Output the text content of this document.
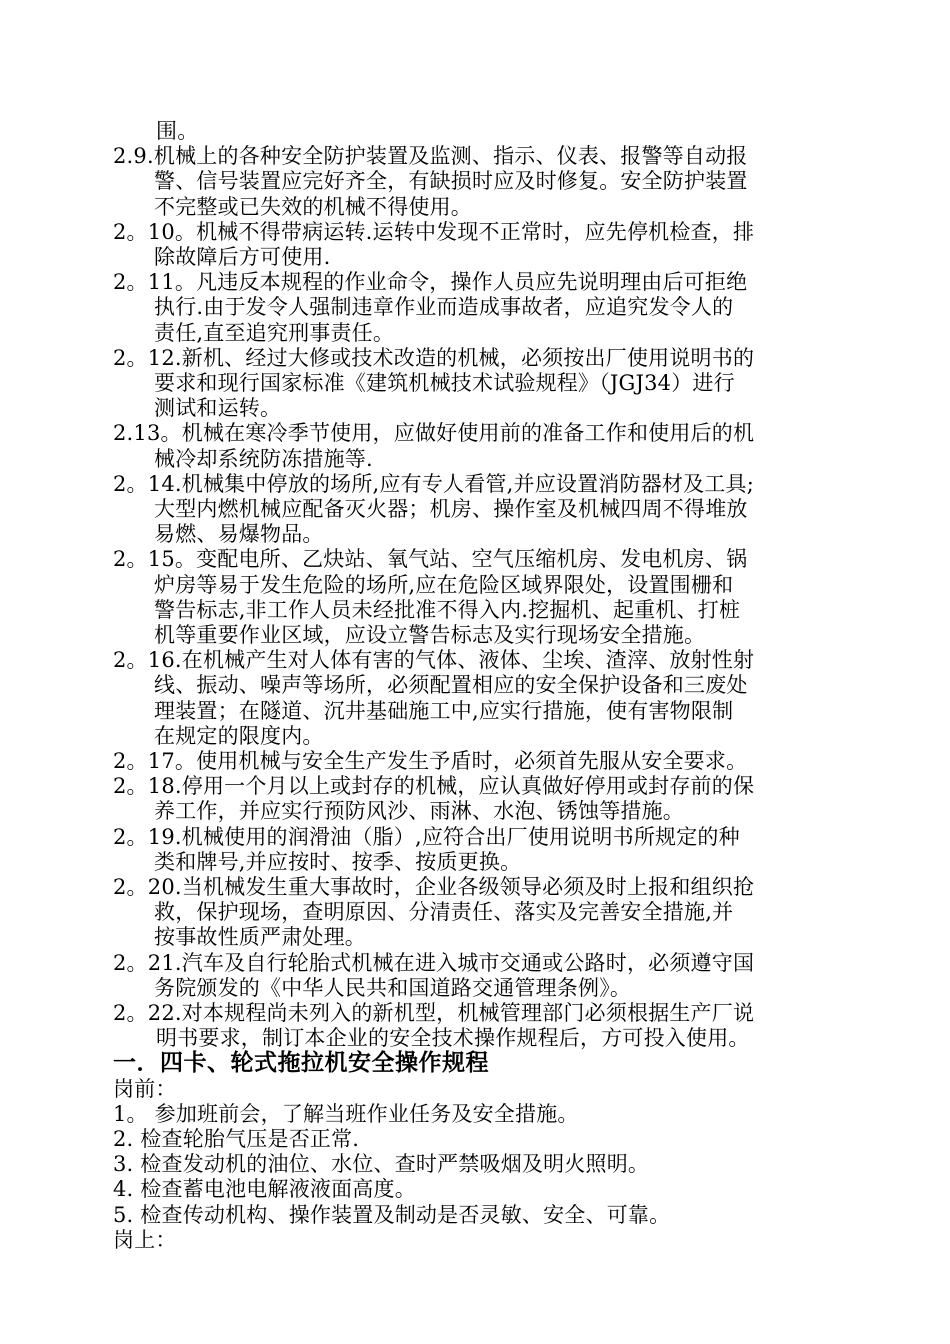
围。
2.9.机械上的各种安全防护装置及监测、指示、仪表、报警等自动报
警、信号装置应完好齐全，有缺损时应及时修复。安全防护装置
不完整或已失效的机械不得使用。
2。10。机械不得带病运转.运转中发现不正常时，应先停机检查，排
除故障后方可使用.
2。11。凡违反本规程的作业命令，操作人员应先说明理由后可拒绝
执行.由于发令人强制违章作业而造成事故者，应追究发令人的
责任,直至追究刑事责任。
2。12.新机、经过大修或技术改造的机械，必须按出厂使用说明书的
要求和现行国家标准《建筑机械技术试验规程》（JGJ34）进行
测试和运转。
2.13。机械在寒冷季节使用，应做好使用前的准备工作和使用后的机
械冷却系统防冻措施等.
2。14.机械集中停放的场所,应有专人看管,并应设置消防器材及工具;
大型内燃机械应配备灭火器；机房、操作室及机械四周不得堆放
易燃、易爆物品。
2。15。变配电所、乙炔站、氧气站、空气压缩机房、发电机房、锅
炉房等易于发生危险的场所,应在危险区域界限处，设置围栅和
警告标志,非工作人员未经批准不得入内.挖掘机、起重机、打桩
机等重要作业区域，应设立警告标志及实行现场安全措施。
2。16.在机械产生对人体有害的气体、液体、尘埃、渣滓、放射性射
线、振动、噪声等场所，必须配置相应的安全保护设备和三废处
理装置；在隧道、沉井基础施工中,应实行措施，使有害物限制
在规定的限度内。
2。17。使用机械与安全生产发生予盾时，必须首先服从安全要求。
2。18.停用一个月以上或封存的机械，应认真做好停用或封存前的保
养工作，并应实行预防风沙、雨淋、水泡、锈蚀等措施。
2。19.机械使用的润滑油（脂）,应符合出厂使用说明书所规定的种
类和牌号,并应按时、按季、按质更换。
2。20.当机械发生重大事故时，企业各级领导必须及时上报和组织抢
救，保护现场，查明原因、分清责任、落实及完善安全措施,并
按事故性质严肃处理。
2。21.汽车及自行轮胎式机械在进入城市交通或公路时，必须遵守国
务院颁发的《中华人民共和国道路交通管理条例》。
2。22.对本规程尚未列入的新机型，机械管理部门必须根据生产厂说
明书要求，制订本企业的安全技术操作规程后，方可投入使用。
一．四卡、轮式拖拉机安全操作规程
岗前：
1。 参加班前会，了解当班作业任务及安全措施。
2. 检查轮胎气压是否正常.
3. 检查发动机的油位、水位、查时严禁吸烟及明火照明。
4. 检查蓄电池电解液液面高度。
5. 检查传动机构、操作装置及制动是否灵敏、安全、可靠。
岗上：
